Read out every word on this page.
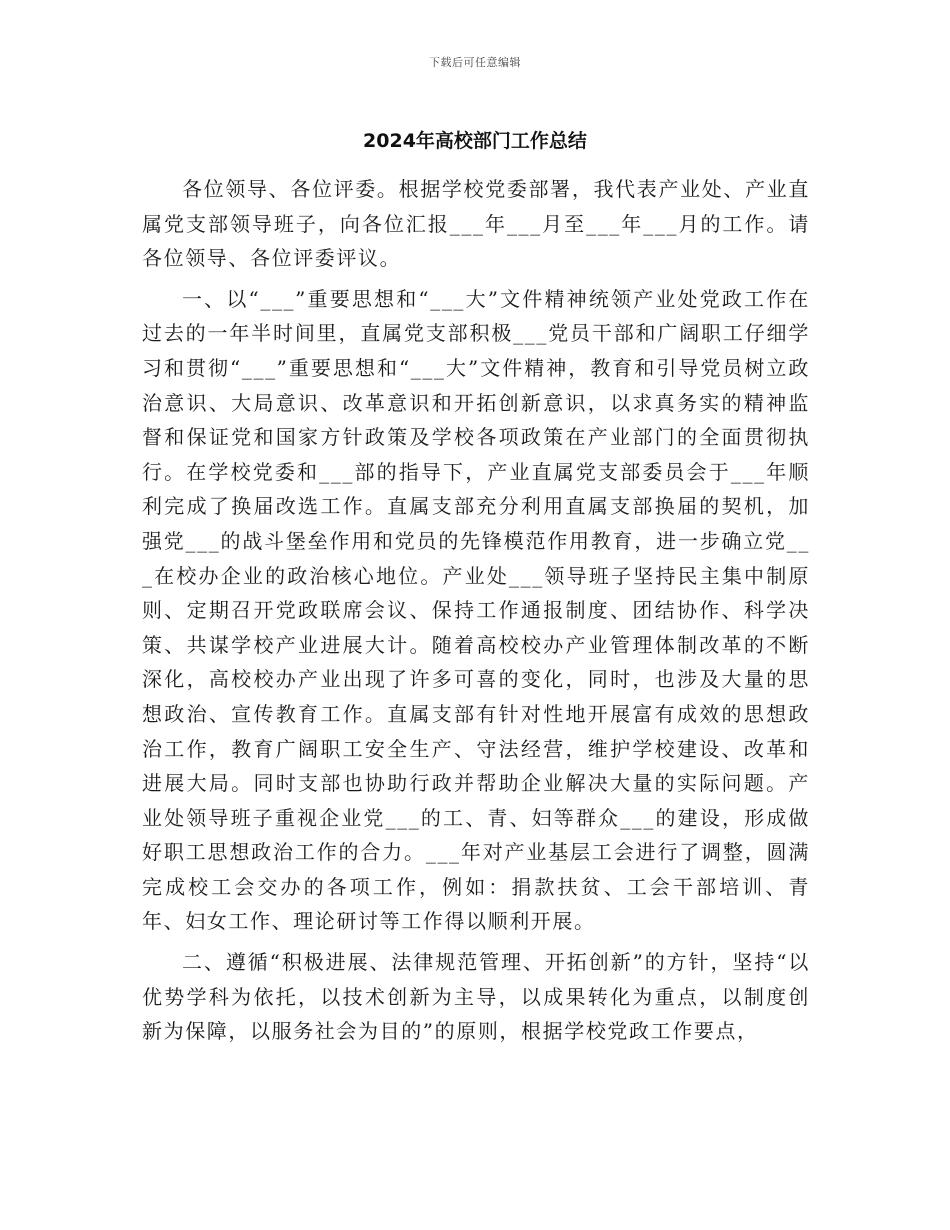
下载后可任意编辑
2024年高校部门工作总结

各位领导、各位评委。根据学校党委部署，我代表产业处、产业直属党支部领导班子，向各位汇报___年___月至___年___月的工作。请各位领导、各位评委评议。

一、以“___”重要思想和“___大”文件精神统领产业处党政工作在过去的一年半时间里，直属党支部积极___党员干部和广阔职工仔细学习和贯彻“___”重要思想和“___大”文件精神，教育和引导党员树立政治意识、大局意识、改革意识和开拓创新意识，以求真务实的精神监督和保证党和国家方针政策及学校各项政策在产业部门的全面贯彻执行。在学校党委和___部的指导下，产业直属党支部委员会于___年顺利完成了换届改选工作。直属支部充分利用直属支部换届的契机，加强党___的战斗堡垒作用和党员的先锋模范作用教育，进一步确立党___在校办企业的政治核心地位。产业处___领导班子坚持民主集中制原则、定期召开党政联席会议、保持工作通报制度、团结协作、科学决策、共谋学校产业进展大计。随着高校校办产业管理体制改革的不断深化，高校校办产业出现了许多可喜的变化，同时，也涉及大量的思想政治、宣传教育工作。直属支部有针对性地开展富有成效的思想政治工作，教育广阔职工安全生产、守法经营，维护学校建设、改革和进展大局。同时支部也协助行政并帮助企业解决大量的实际问题。产业处领导班子重视企业党___的工、青、妇等群众___的建设，形成做好职工思想政治工作的合力。___年对产业基层工会进行了调整，圆满完成校工会交办的各项工作，例如：捐款扶贫、工会干部培训、青年、妇女工作、理论研讨等工作得以顺利开展。

二、遵循“积极进展、法律规范管理、开拓创新”的方针，坚持“以优势学科为依托，以技术创新为主导，以成果转化为重点，以制度创新为保障，以服务社会为目的”的原则，根据学校党政工作要点，
